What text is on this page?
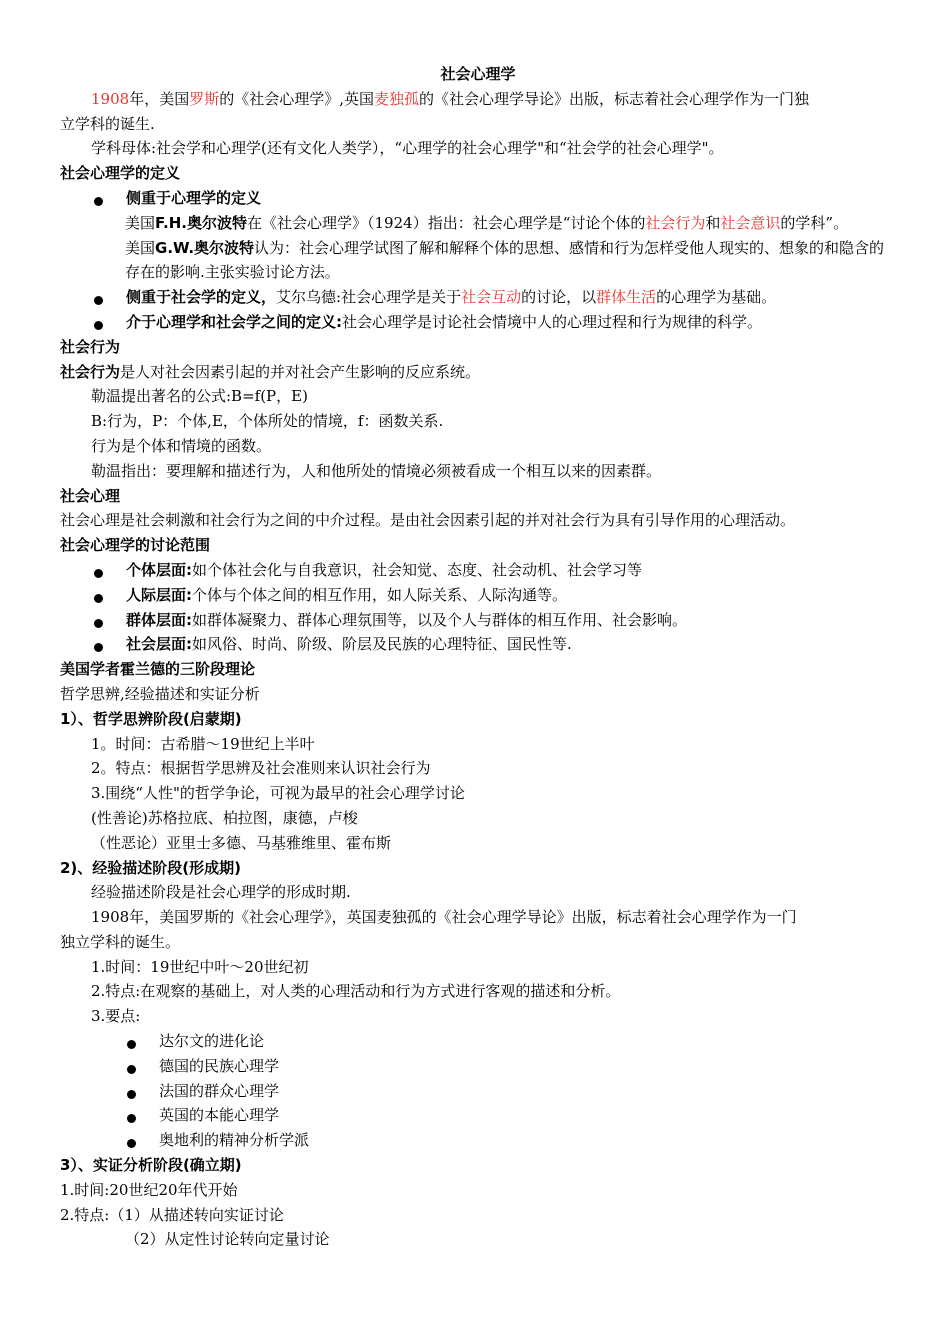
社会心理学
1908年，美国罗斯的《社会心理学》,英国麦独孤的《社会心理学导论》出版，标志着社会心理学作为一门独
立学科的诞生.
学科母体:社会学和心理学(还有文化人类学），“心理学的社会心理学"和“社会学的社会心理学"。
社会心理学的定义
侧重于心理学的定义
美国F.H.奥尔波特在《社会心理学》（1924）指出：社会心理学是“讨论个体的社会行为和社会意识的学科”。
美国G.W.奥尔波特认为：社会心理学试图了解和解释个体的思想、感情和行为怎样受他人现实的、想象的和隐含的存在的影响.主张实验讨论方法。
侧重于社会学的定义，艾尔乌德:社会心理学是关于社会互动的讨论，以群体生活的心理学为基础。
介于心理学和社会学之间的定义:社会心理学是讨论社会情境中人的心理过程和行为规律的科学。
社会行为
社会行为是人对社会因素引起的并对社会产生影响的反应系统。
勒温提出著名的公式:B=f(P，E)
B:行为，P：个体,E，个体所处的情境，f：函数关系.
行为是个体和情境的函数。
勒温指出：要理解和描述行为，人和他所处的情境必须被看成一个相互以来的因素群。
社会心理
社会心理是社会刺激和社会行为之间的中介过程。是由社会因素引起的并对社会行为具有引导作用的心理活动。
社会心理学的讨论范围
个体层面:如个体社会化与自我意识，社会知觉、态度、社会动机、社会学习等
人际层面:个体与个体之间的相互作用，如人际关系、人际沟通等。
群体层面:如群体凝聚力、群体心理氛围等，以及个人与群体的相互作用、社会影响。
社会层面:如风俗、时尚、阶级、阶层及民族的心理特征、国民性等.
美国学者霍兰德的三阶段理论
哲学思辨,经验描述和实证分析
1）、哲学思辨阶段(启蒙期)
1。时间：古希腊～19世纪上半叶
2。特点：根据哲学思辨及社会准则来认识社会行为
3.围绕“人性"的哲学争论，可视为最早的社会心理学讨论
(性善论)苏格拉底、柏拉图，康德，卢梭
（性恶论）亚里士多德、马基雅维里、霍布斯
2)、经验描述阶段(形成期)
经验描述阶段是社会心理学的形成时期.
1908年，美国罗斯的《社会心理学》，英国麦独孤的《社会心理学导论》出版，标志着社会心理学作为一门
独立学科的诞生。
1.时间：19世纪中叶～20世纪初
2.特点:在观察的基础上，对人类的心理活动和行为方式进行客观的描述和分析。
3.要点:
达尔文的进化论
德国的民族心理学
法国的群众心理学
英国的本能心理学
奥地利的精神分析学派
3）、实证分析阶段(确立期)
1.时间:20世纪20年代开始
2.特点:（1）从描述转向实证讨论
（2）从定性讨论转向定量讨论
